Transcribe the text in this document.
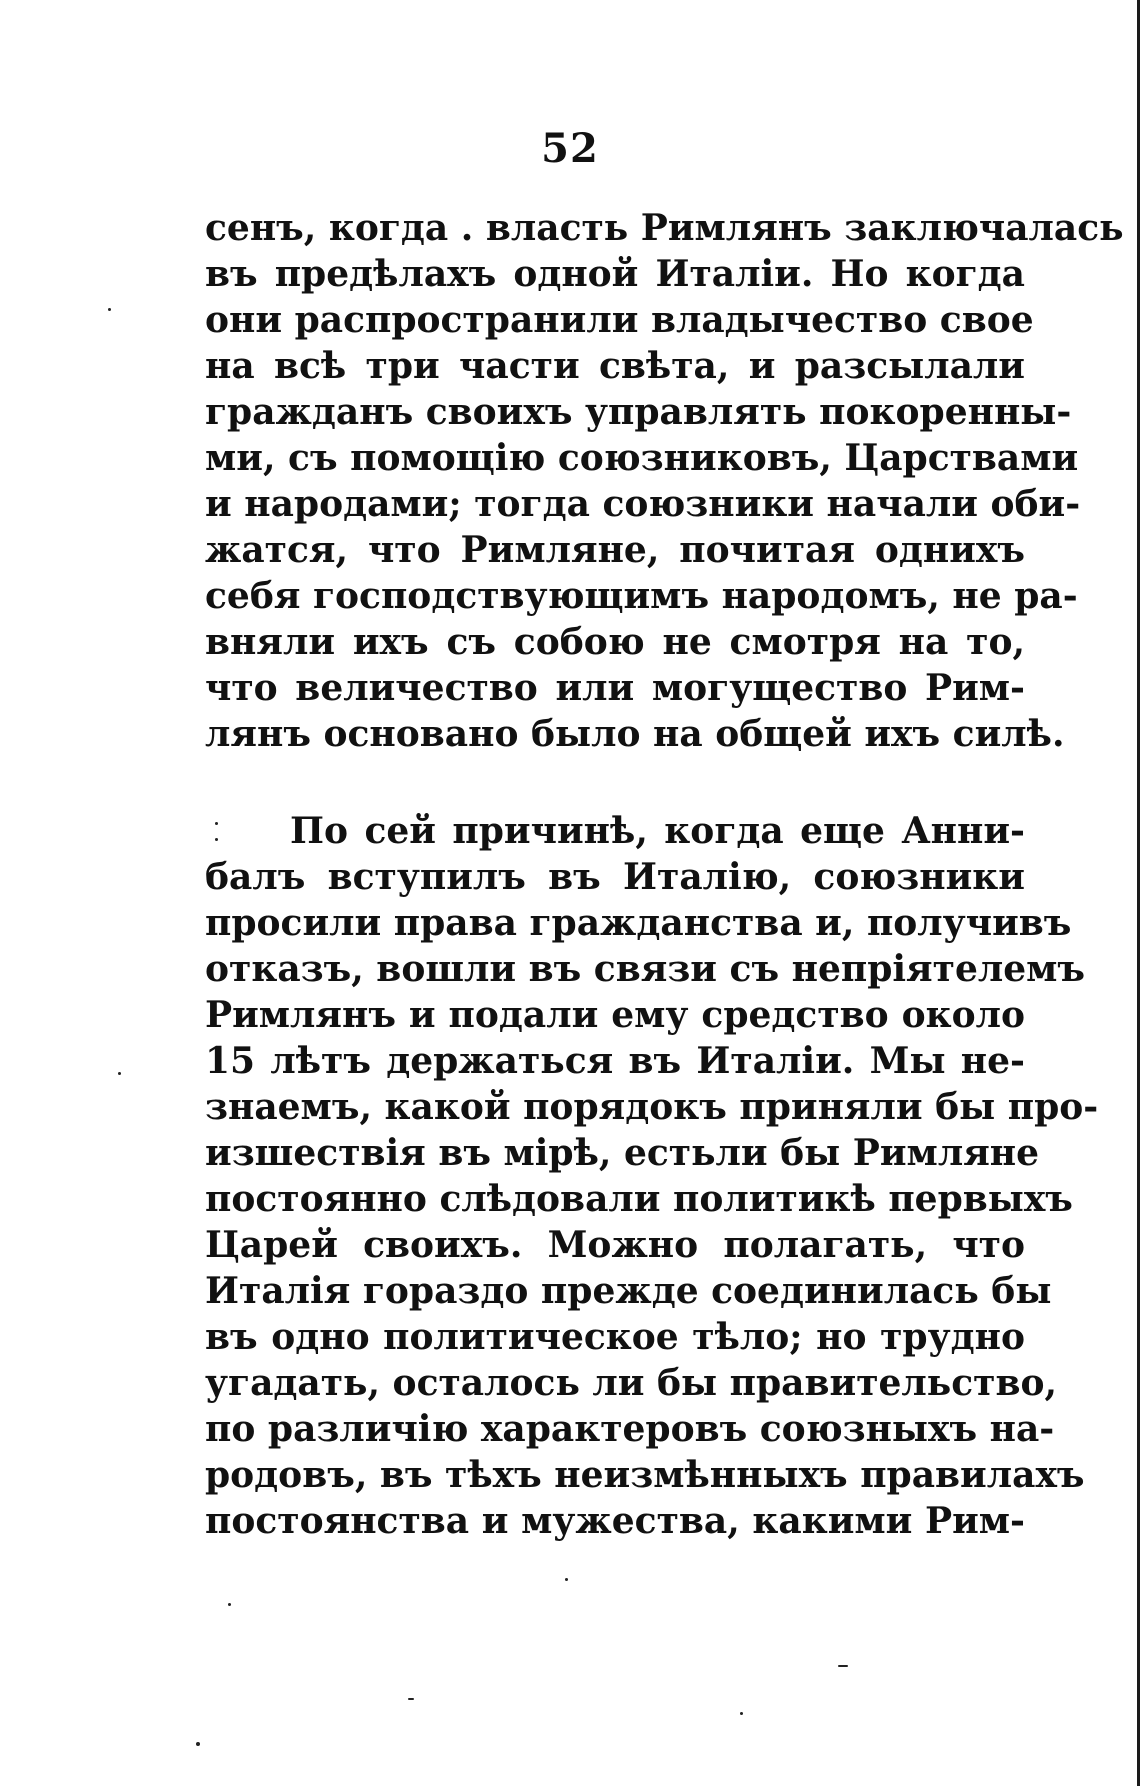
52
сенъ, когда . власть Римлянъ заключалась
въ предѣлахъ одной Италіи. Но когда
они распространили владычество свое
на всѣ три части свѣта, и разсылали
гражданъ своихъ управлять покоренны-
ми, съ помощію союзниковъ, Царствами
и народами; тогда союзники начали оби-
жатся, что Римляне, почитая однихъ
себя господствующимъ народомъ, не ра-
вняли ихъ съ собою не смотря на то,
что величество или могущество Рим-
лянъ основано было на общей ихъ силѣ.
По сей причинѣ, когда еще Анни-
балъ вступилъ въ Италію, союзники
просили права гражданства и, получивъ
отказъ, вошли въ связи съ непріятелемъ
Римлянъ и подали ему средство около
15 лѣтъ держаться въ Италіи. Мы не-
знаемъ, какой порядокъ приняли бы про-
изшествія въ мірѣ, естьли бы Римляне
постоянно слѣдовали политикѣ первыхъ
Царей своихъ. Можно полагать, что
Италія гораздо прежде соединилась бы
въ одно политическое тѣло; но трудно
угадать, осталось ли бы правительство,
по различію характеровъ союзныхъ на-
родовъ, въ тѣхъ неизмѣнныхъ правилахъ
постоянства и мужества, какими Рим-
